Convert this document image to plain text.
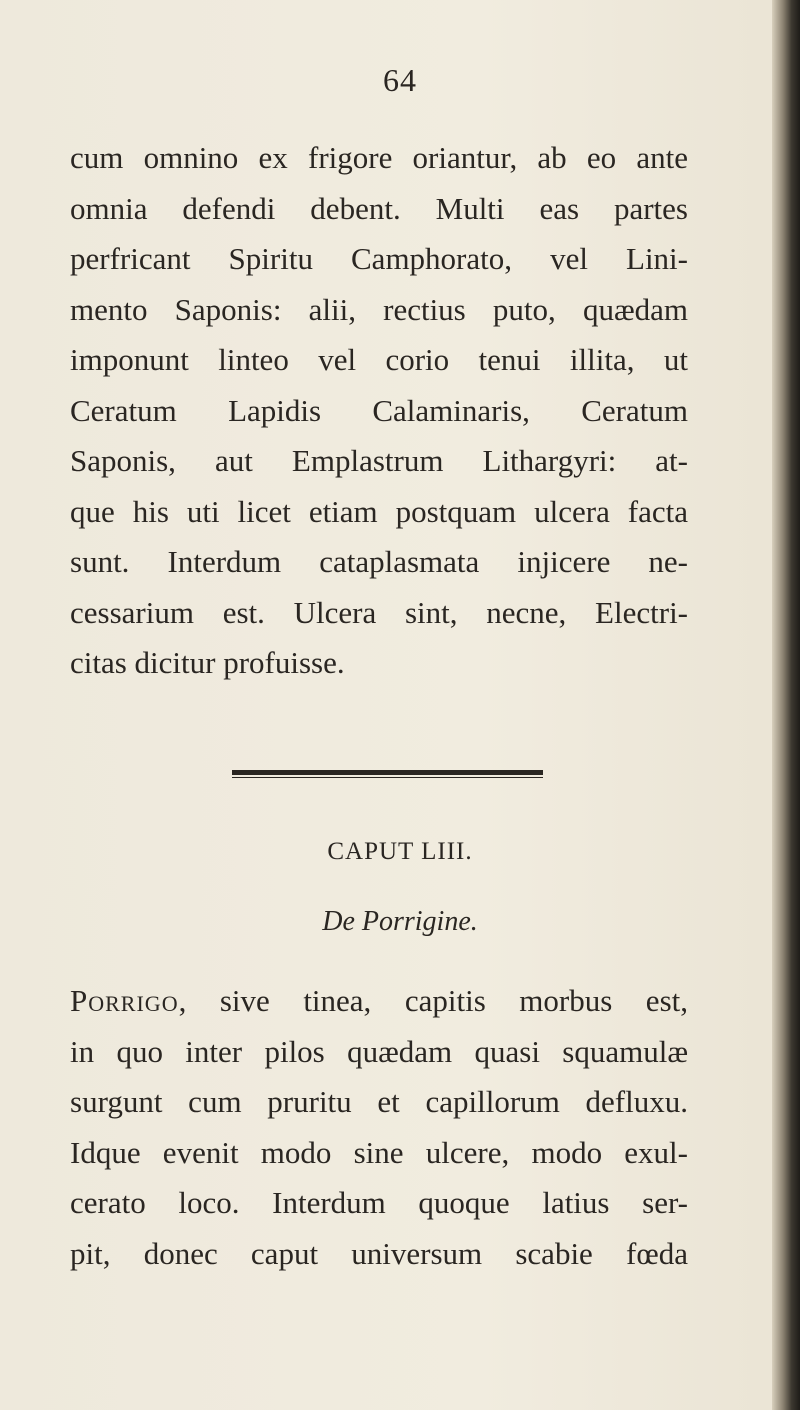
64
cum omnino ex frigore oriantur, ab eo ante
omnia defendi debent. Multi eas partes
perfricant Spiritu Camphorato, vel Lini-
mento Saponis: alii, rectius puto, quædam
imponunt linteo vel corio tenui illita, ut
Ceratum Lapidis Calaminaris, Ceratum
Saponis, aut Emplastrum Lithargyri: at-
que his uti licet etiam postquam ulcera facta
sunt. Interdum cataplasmata injicere ne-
cessarium est. Ulcera sint, necne, Electri-
citas dicitur profuisse.
CAPUT LIII.
De Porrigine.
Porrigo, sive tinea, capitis morbus est,
in quo inter pilos quædam quasi squamulæ
surgunt cum pruritu et capillorum defluxu.
Idque evenit modo sine ulcere, modo exul-
cerato loco. Interdum quoque latius ser-
pit, donec caput universum scabie fœda
